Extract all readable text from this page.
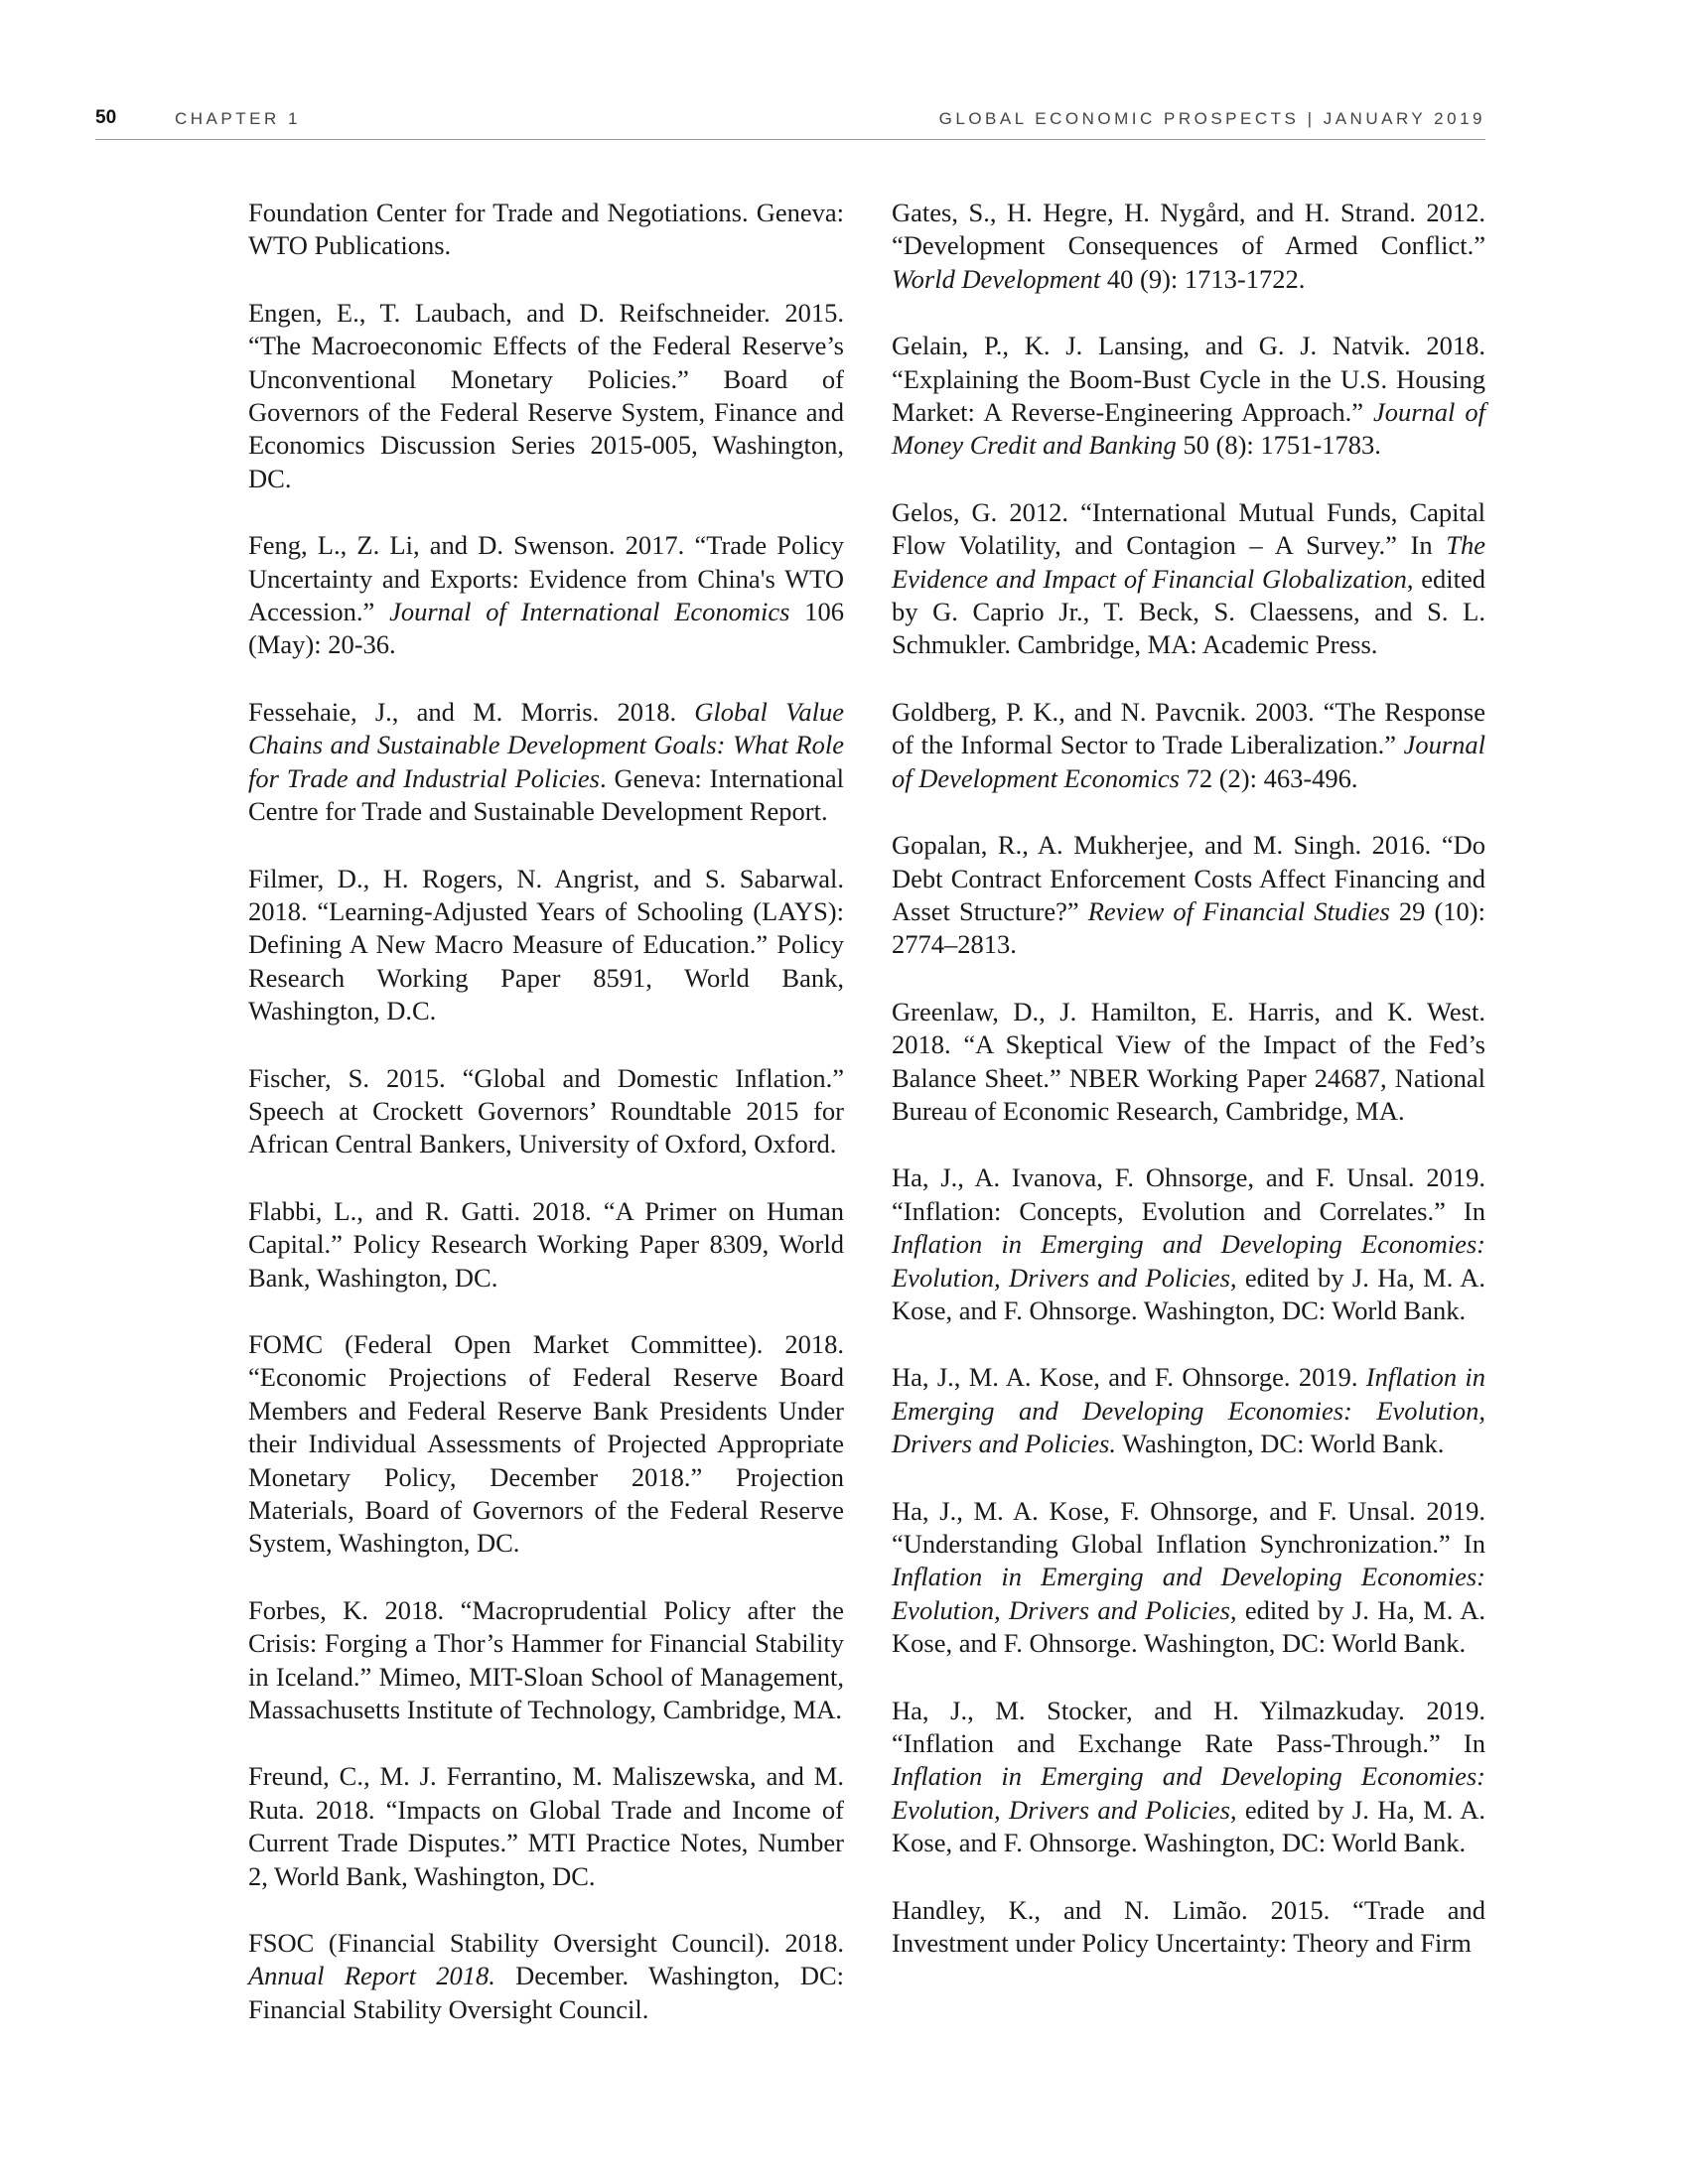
50	CHAPTER 1	GLOBAL ECONOMIC PROSPECTS | JANUARY 2019

Foundation Center for Trade and Negotiations. Geneva: WTO Publications.

Engen, E., T. Laubach, and D. Reifschneider. 2015. “The Macroeconomic Effects of the Federal Reserve’s Unconventional Monetary Policies.” Board of Governors of the Federal Reserve System, Finance and Economics Discussion Series 2015-005, Washington, DC.

Feng, L., Z. Li, and D. Swenson. 2017. “Trade Policy Uncertainty and Exports: Evidence from China's WTO Accession.” Journal of International Economics 106 (May): 20-36.

Fessehaie, J., and M. Morris. 2018. Global Value Chains and Sustainable Development Goals: What Role for Trade and Industrial Policies. Geneva: International Centre for Trade and Sustainable Development Report.

Filmer, D., H. Rogers, N. Angrist, and S. Sabarwal. 2018. “Learning-Adjusted Years of Schooling (LAYS): Defining A New Macro Measure of Education.” Policy Research Working Paper 8591, World Bank, Washington, D.C.

Fischer, S. 2015. “Global and Domestic Inflation.” Speech at Crockett Governors’ Roundtable 2015 for African Central Bankers, University of Oxford, Oxford.

Flabbi, L., and R. Gatti. 2018. “A Primer on Human Capital.” Policy Research Working Paper 8309, World Bank, Washington, DC.

FOMC (Federal Open Market Committee). 2018. “Economic Projections of Federal Reserve Board Members and Federal Reserve Bank Presidents Under their Individual Assessments of Projected Appropriate Monetary Policy, December 2018.” Projection Materials, Board of Governors of the Federal Reserve System, Washington, DC.

Forbes, K. 2018. “Macroprudential Policy after the Crisis: Forging a Thor’s Hammer for Financial Stability in Iceland.” Mimeo, MIT-Sloan School of Management, Massachusetts Institute of Technology, Cambridge, MA.

Freund, C., M. J. Ferrantino, M. Maliszewska, and M. Ruta. 2018. “Impacts on Global Trade and Income of Current Trade Disputes.” MTI Practice Notes, Number 2, World Bank, Washington, DC.

FSOC (Financial Stability Oversight Council). 2018. Annual Report 2018. December. Washington, DC: Financial Stability Oversight Council.

Gates, S., H. Hegre, H. Nygård, and H. Strand. 2012. “Development Consequences of Armed Conflict.” World Development 40 (9): 1713-1722.

Gelain, P., K. J. Lansing, and G. J. Natvik. 2018. “Explaining the Boom-Bust Cycle in the U.S. Housing Market: A Reverse-Engineering Approach.” Journal of Money Credit and Banking 50 (8): 1751-1783.

Gelos, G. 2012. “International Mutual Funds, Capital Flow Volatility, and Contagion – A Survey.” In The Evidence and Impact of Financial Globalization, edited by G. Caprio Jr., T. Beck, S. Claessens, and S. L. Schmukler. Cambridge, MA: Academic Press.

Goldberg, P. K., and N. Pavcnik. 2003. “The Response of the Informal Sector to Trade Liberalization.” Journal of Development Economics 72 (2): 463-496.

Gopalan, R., A. Mukherjee, and M. Singh. 2016. “Do Debt Contract Enforcement Costs Affect Financing and Asset Structure?” Review of Financial Studies 29 (10): 2774–2813.

Greenlaw, D., J. Hamilton, E. Harris, and K. West. 2018. “A Skeptical View of the Impact of the Fed’s Balance Sheet.” NBER Working Paper 24687, National Bureau of Economic Research, Cambridge, MA.

Ha, J., A. Ivanova, F. Ohnsorge, and F. Unsal. 2019. “Inflation: Concepts, Evolution and Correlates.” In Inflation in Emerging and Developing Economies: Evolution, Drivers and Policies, edited by J. Ha, M. A. Kose, and F. Ohnsorge. Washington, DC: World Bank.

Ha, J., M. A. Kose, and F. Ohnsorge. 2019. Inflation in Emerging and Developing Economies: Evolution, Drivers and Policies. Washington, DC: World Bank.

Ha, J., M. A. Kose, F. Ohnsorge, and F. Unsal. 2019. “Understanding Global Inflation Synchronization.” In Inflation in Emerging and Developing Economies: Evolution, Drivers and Policies, edited by J. Ha, M. A. Kose, and F. Ohnsorge. Washington, DC: World Bank.

Ha, J., M. Stocker, and H. Yilmazkuday. 2019. “Inflation and Exchange Rate Pass-Through.” In Inflation in Emerging and Developing Economies: Evolution, Drivers and Policies, edited by J. Ha, M. A. Kose, and F. Ohnsorge. Washington, DC: World Bank.

Handley, K., and N. Limão. 2015. “Trade and Investment under Policy Uncertainty: Theory and Firm
